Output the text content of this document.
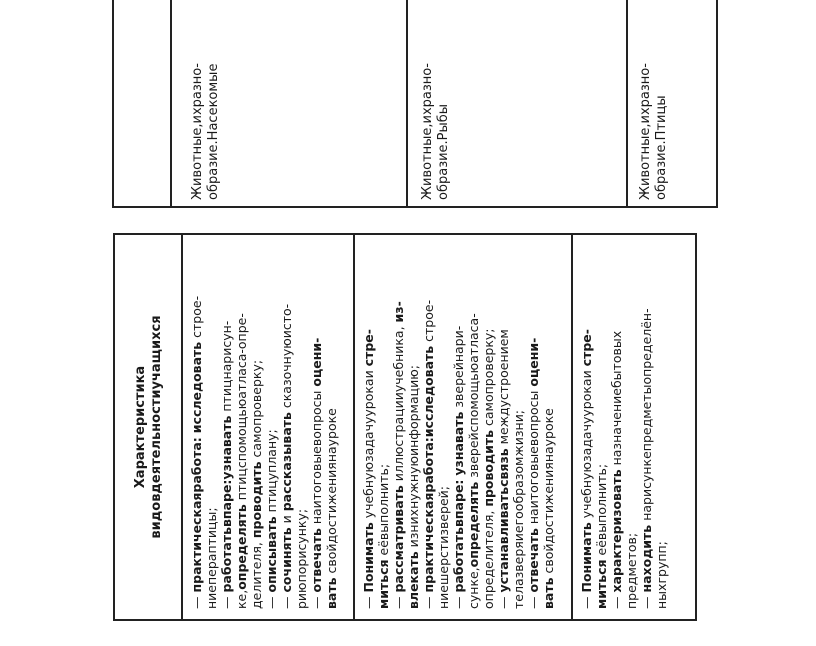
Животные,ихразно-
образие.Насекомые	Животные,ихразно-
образие.Рыбы	Животные,ихразно-
образие.Птицы
Характеристика видовдеятельностиучащихся

— практическаяработа: исследовать строе-

ниепераптицы;

— работатьвпаре:узнавать птицнарисун-

ке,определять птицспомощьюатласа-опре-

делителя, проводить самопроверку;

— описывать птицуплану;

— сочинять и рассказывать сказочнуюисто-

риюпорисунку; — отвечать наитоговыевопросы оцени-

вать свойдостижениянауроке

— Понимать учебнуюзадачуурокаи стре-

миться еёвыполнить;

— рассматривать иллюстрацииучебника, из-

влекать изнихнужнуюинформацию;

— практическаяработа:исследовать строе-

ниешерстизверей; — работатьвпаре: узнавать зверейнари-

сунке,определять зверейспомощьюатласа-

определителя, проводить самопроверку;

— устанавливатьсвязь междустроением

телазверяиегообразомжизни; — отвечать наитоговыевопросы оцени-

вать свойдостижениянауроке

— Понимать учебнуюзадачуурокаи стре-

миться еёвыполнить;

— характеризовать назначениебытовых

предметов; — находить нарисункепредметыопределён-

ныхгрупп;
